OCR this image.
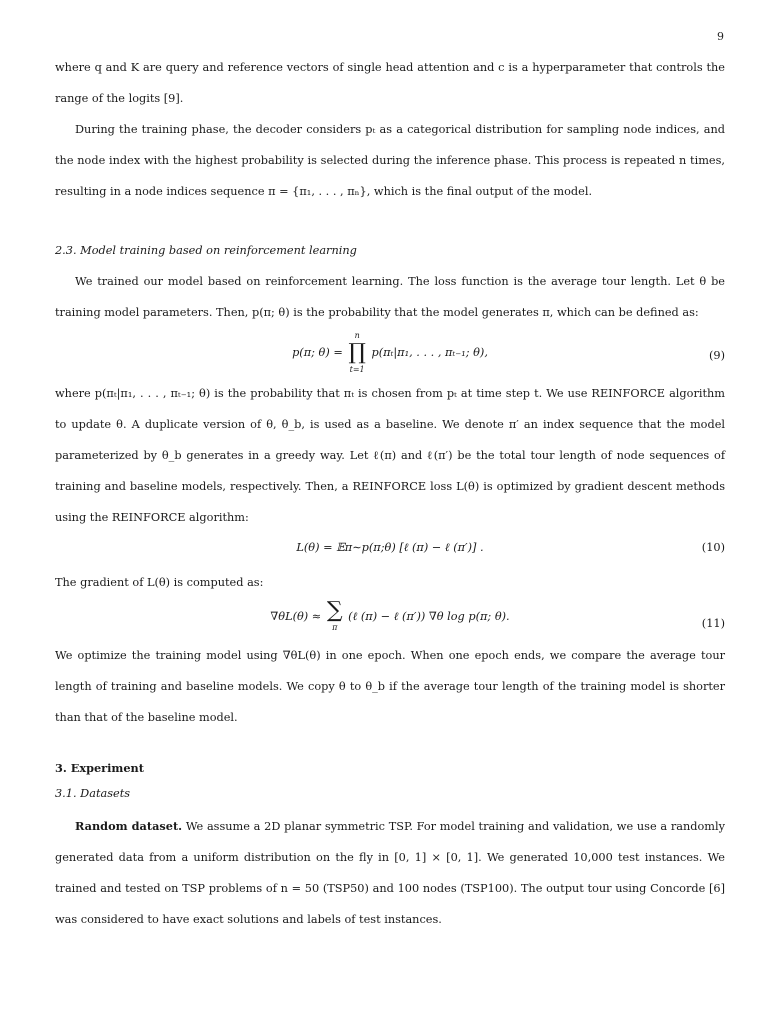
9

where q and K are query and reference vectors of single head attention and c is a hyperparameter that controls the range of the logits [9].

During the training phase, the decoder considers pₜ as a categorical distribution for sampling node indices, and the node index with the highest probability is selected during the inference phase. This process is repeated n times, resulting in a node indices sequence π = {π₁, . . . , πₙ}, which is the final output of the model.

2.3. Model training based on reinforcement learning

We trained our model based on reinforcement learning. The loss function is the average tour length. Let θ be training model parameters. Then, p(π; θ) is the probability that the model generates π, which can be defined as:

p(π; θ) =
n
∏
t=1
p(πₜ|π₁, . . . , πₜ₋₁; θ),	(9)

where p(πₜ|π₁, . . . , πₜ₋₁; θ) is the probability that πₜ is chosen from pₜ at time step t. We use REINFORCE algorithm to update θ. A duplicate version of θ, θ_b, is used as a baseline. We denote π′ an index sequence that the model parameterized by θ_b generates in a greedy way. Let ℓ(π) and ℓ(π′) be the total tour length of node sequences of training and baseline models, respectively. Then, a REINFORCE loss L(θ) is optimized by gradient descent methods using the REINFORCE algorithm:

L(θ) = 𝔼π∼p(π;θ) [ℓ (π) − ℓ (π′)] .	(10)

The gradient of L(θ) is computed as:

∇θL(θ) ≈ ∑
π
(ℓ (π) − ℓ (π′)) ∇θ log p(π; θ).
(11)

We optimize the training model using ∇θL(θ) in one epoch. When one epoch ends, we compare the average tour length of training and baseline models. We copy θ to θ_b if the average tour length of the training model is shorter than that of the baseline model.

3. Experiment

3.1. Datasets

Random dataset. We assume a 2D planar symmetric TSP. For model training and validation, we use a randomly generated data from a uniform distribution on the fly in [0, 1] × [0, 1]. We generated 10,000 test instances. We trained and tested on TSP problems of n = 50 (TSP50) and 100 nodes (TSP100). The output tour using Concorde [6] was considered to have exact solutions and labels of test instances.
